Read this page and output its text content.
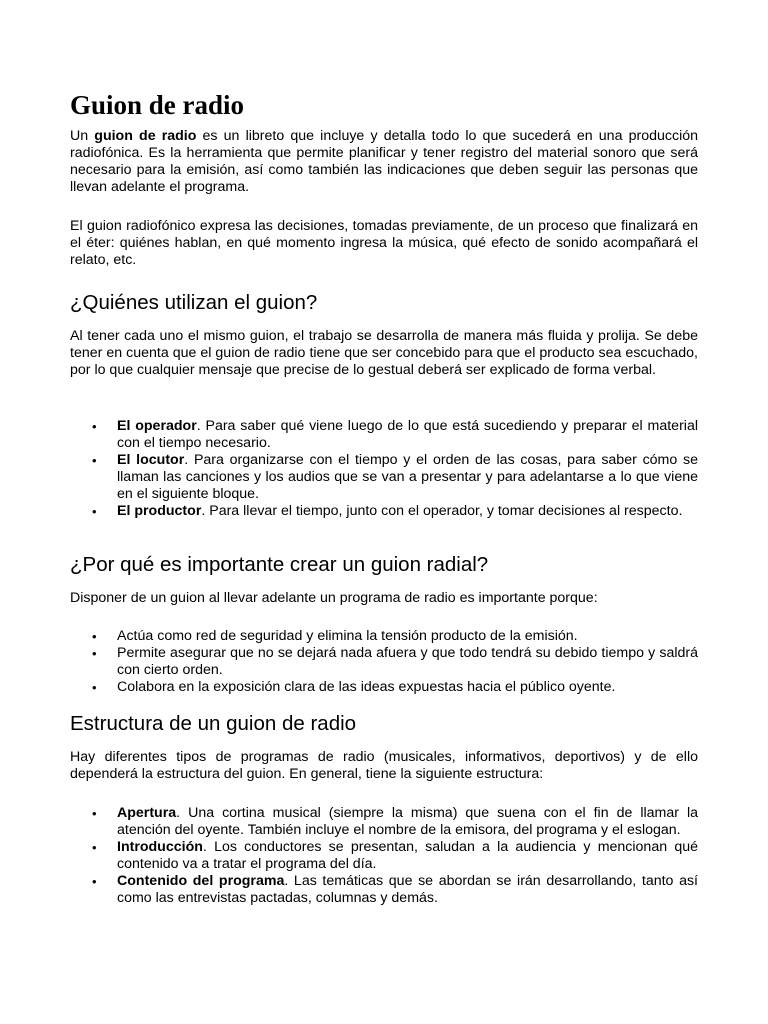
Guion de radio

Un guion de radio es un libreto que incluye y detalla todo lo que sucederá en una producción radiofónica. Es la herramienta que permite planificar y tener registro del material sonoro que será necesario para la emisión, así como también las indicaciones que deben seguir las personas que llevan adelante el programa.

El guion radiofónico expresa las decisiones, tomadas previamente, de un proceso que finalizará en el éter: quiénes hablan, en qué momento ingresa la música, qué efecto de sonido acompañará el relato, etc.

¿Quiénes utilizan el guion?

Al tener cada uno el mismo guion, el trabajo se desarrolla de manera más fluida y prolija. Se debe tener en cuenta que el guion de radio tiene que ser concebido para que el producto sea escuchado, por lo que cualquier mensaje que precise de lo gestual deberá ser explicado de forma verbal.

• El operador. Para saber qué viene luego de lo que está sucediendo y preparar el material con el tiempo necesario.
• El locutor. Para organizarse con el tiempo y el orden de las cosas, para saber cómo se llaman las canciones y los audios que se van a presentar y para adelantarse a lo que viene en el siguiente bloque.
• El productor. Para llevar el tiempo, junto con el operador, y tomar decisiones al respecto.
¿Por qué es importante crear un guion radial?

Disponer de un guion al llevar adelante un programa de radio es importante porque:

• Actúa como red de seguridad y elimina la tensión producto de la emisión.
• Permite asegurar que no se dejará nada afuera y que todo tendrá su debido tiempo y saldrá con cierto orden.
• Colabora en la exposición clara de las ideas expuestas hacia el público oyente.
Estructura de un guion de radio

Hay diferentes tipos de programas de radio (musicales, informativos, deportivos) y de ello dependerá la estructura del guion. En general, tiene la siguiente estructura:

• Apertura. Una cortina musical (siempre la misma) que suena con el fin de llamar la atención del oyente. También incluye el nombre de la emisora, del programa y el eslogan.
• Introducción. Los conductores se presentan, saludan a la audiencia y mencionan qué contenido va a tratar el programa del día.
• Contenido del programa. Las temáticas que se abordan se irán desarrollando, tanto así como las entrevistas pactadas, columnas y demás.
